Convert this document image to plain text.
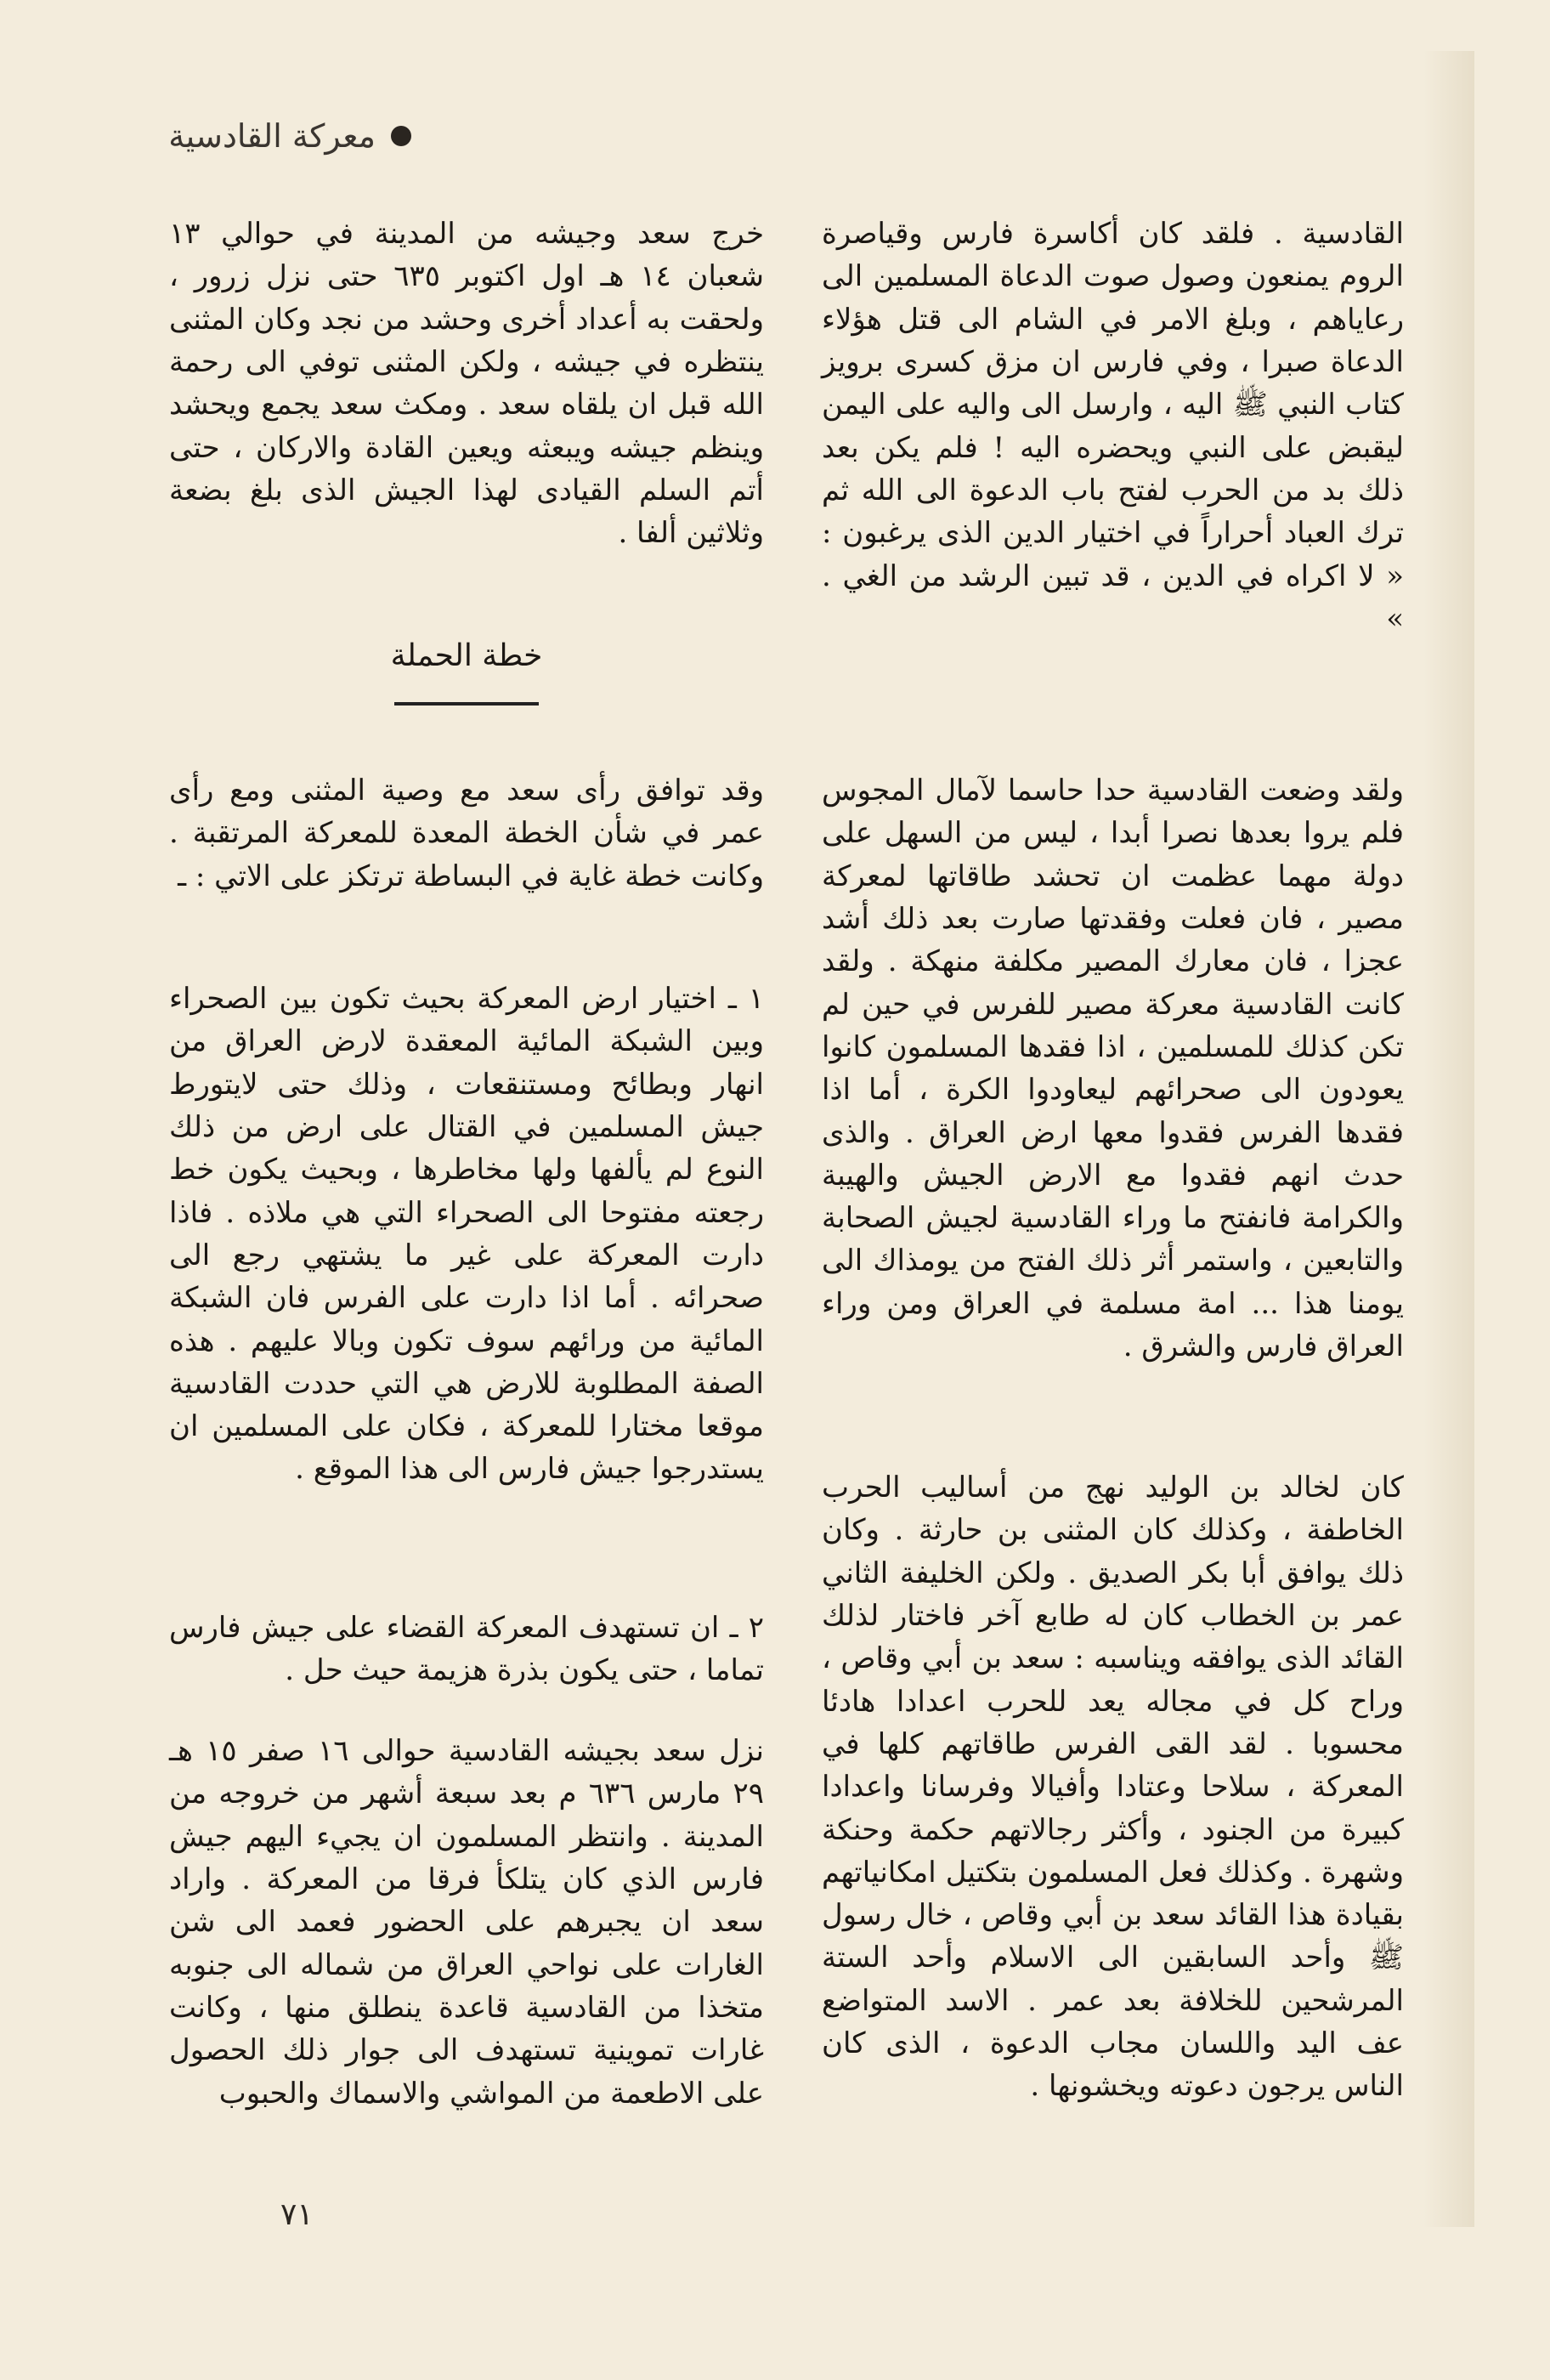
معركة القادسية

القادسية . فلقد كان أكاسرة فارس وقياصرة الروم يمنعون وصول صوت الدعاة المسلمين الى رعاياهم ، وبلغ الامر في الشام الى قتل هؤلاء الدعاة صبرا ، وفي فارس ان مزق كسرى برويز كتاب النبي ﷺ اليه ، وارسل الى واليه على اليمن ليقبض على النبي ويحضره اليه ! فلم يكن بعد ذلك بد من الحرب لفتح باب الدعوة الى الله ثم ترك العباد أحراراً في اختيار الدين الذى يرغبون : « لا اكراه في الدين ، قد تبين الرشد من الغي . »

ولقد وضعت القادسية حدا حاسما لآمال المجوس فلم يروا بعدها نصرا أبدا ، ليس من السهل على دولة مهما عظمت ان تحشد طاقاتها لمعركة مصير ، فان فعلت وفقدتها صارت بعد ذلك أشد عجزا ، فان معارك المصير مكلفة منهكة . ولقد كانت القادسية معركة مصير للفرس في حين لم تكن كذلك للمسلمين ، اذا فقدها المسلمون كانوا يعودون الى صحرائهم ليعاودوا الكرة ، أما اذا فقدها الفرس فقدوا معها ارض العراق . والذى حدث انهم فقدوا مع الارض الجيش والهيبة والكرامة فانفتح ما وراء القادسية لجيش الصحابة والتابعين ، واستمر أثر ذلك الفتح من يومذاك الى يومنا هذا ... امة مسلمة في العراق ومن وراء العراق فارس والشرق .

كان لخالد بن الوليد نهج من أساليب الحرب الخاطفة ، وكذلك كان المثنى بن حارثة . وكان ذلك يوافق أبا بكر الصديق . ولكن الخليفة الثاني عمر بن الخطاب كان له طابع آخر فاختار لذلك القائد الذى يوافقه ويناسبه : سعد بن أبي وقاص ، وراح كل في مجاله يعد للحرب اعدادا هادئا محسوبا . لقد القى الفرس طاقاتهم كلها في المعركة ، سلاحا وعتادا وأفيالا وفرسانا واعدادا كبيرة من الجنود ، وأكثر رجالاتهم حكمة وحنكة وشهرة . وكذلك فعل المسلمون بتكتيل امكانياتهم بقيادة هذا القائد سعد بن أبي وقاص ، خال رسول ﷺ وأحد السابقين الى الاسلام وأحد الستة المرشحين للخلافة بعد عمر . الاسد المتواضع عف اليد واللسان مجاب الدعوة ، الذى كان الناس يرجون دعوته ويخشونها .

خرج سعد وجيشه من المدينة في حوالي ١٣ شعبان ١٤ هـ اول اكتوبر ٦٣٥ حتى نزل زرور ، ولحقت به أعداد أخرى وحشد من نجد وكان المثنى ينتظره في جيشه ، ولكن المثنى توفي الى رحمة الله قبل ان يلقاه سعد . ومكث سعد يجمع ويحشد وينظم جيشه ويبعثه ويعين القادة والاركان ، حتى أتم السلم القيادى لهذا الجيش الذى بلغ بضعة وثلاثين ألفا .

خطة الحملة

وقد توافق رأى سعد مع وصية المثنى ومع رأى عمر في شأن الخطة المعدة للمعركة المرتقبة . وكانت خطة غاية في البساطة ترتكز على الاتي : ـ

١ ـ اختيار ارض المعركة بحيث تكون بين الصحراء وبين الشبكة المائية المعقدة لارض العراق من انهار وبطائح ومستنقعات ، وذلك حتى لايتورط جيش المسلمين في القتال على ارض من ذلك النوع لم يألفها ولها مخاطرها ، وبحيث يكون خط رجعته مفتوحا الى الصحراء التي هي ملاذه . فاذا دارت المعركة على غير ما يشتهي رجع الى صحرائه . أما اذا دارت على الفرس فان الشبكة المائية من ورائهم سوف تكون وبالا عليهم . هذه الصفة المطلوبة للارض هي التي حددت القادسية موقعا مختارا للمعركة ، فكان على المسلمين ان يستدرجوا جيش فارس الى هذا الموقع .

٢ ـ ان تستهدف المعركة القضاء على جيش فارس تماما ، حتى يكون بذرة هزيمة حيث حل .

نزل سعد بجيشه القادسية حوالى ١٦ صفر ١٥ هـ ٢٩ مارس ٦٣٦ م بعد سبعة أشهر من خروجه من المدينة . وانتظر المسلمون ان يجيء اليهم جيش فارس الذي كان يتلكأ فرقا من المعركة . واراد سعد ان يجبرهم على الحضور فعمد الى شن الغارات على نواحي العراق من شماله الى جنوبه متخذا من القادسية قاعدة ينطلق منها ، وكانت غارات تموينية تستهدف الى جوار ذلك الحصول على الاطعمة من المواشي والاسماك والحبوب

٧١
